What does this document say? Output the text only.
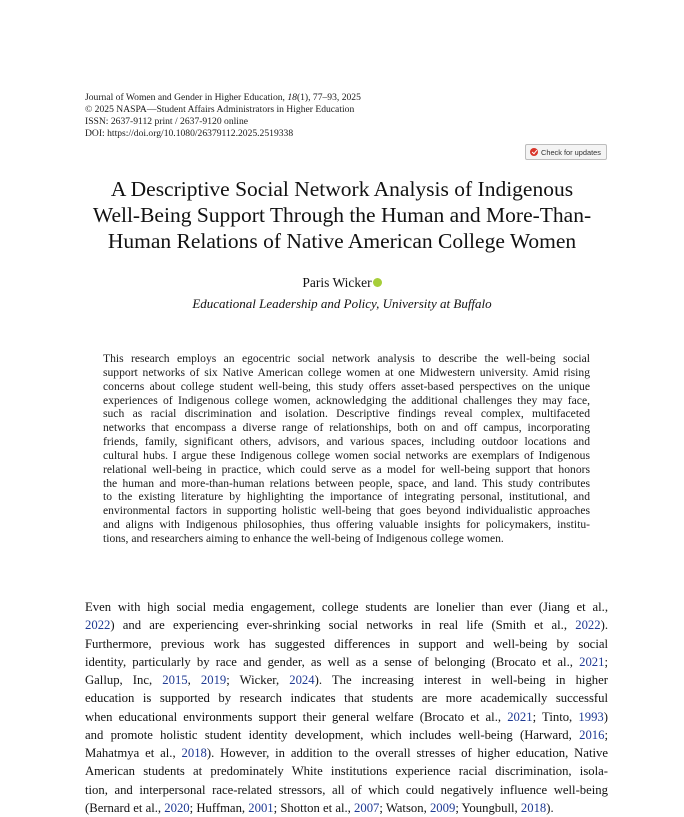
Journal of Women and Gender in Higher Education, 18(1), 77–93, 2025
© 2025 NASPA—Student Affairs Administrators in Higher Education
ISSN: 2637-9112 print / 2637-9120 online
DOI: https://doi.org/10.1080/26379112.2025.2519338
Check for updates
A Descriptive Social Network Analysis of Indigenous
Well-Being Support Through the Human and More-Than-
Human Relations of Native American College Women
Paris Wicker
Educational Leadership and Policy, University at Buffalo
This research employs an egocentric social network analysis to describe the well-being social
support networks of six Native American college women at one Midwestern university. Amid rising
concerns about college student well-being, this study offers asset-based perspectives on the unique
experiences of Indigenous college women, acknowledging the additional challenges they may face,
such as racial discrimination and isolation. Descriptive findings reveal complex, multifaceted
networks that encompass a diverse range of relationships, both on and off campus, incorporating
friends, family, significant others, advisors, and various spaces, including outdoor locations and
cultural hubs. I argue these Indigenous college women social networks are exemplars of Indigenous
relational well-being in practice, which could serve as a model for well-being support that honors
the human and more-than-human relations between people, space, and land. This study contributes
to the existing literature by highlighting the importance of integrating personal, institutional, and
environmental factors in supporting holistic well-being that goes beyond individualistic approaches
and aligns with Indigenous philosophies, thus offering valuable insights for policymakers, institu-
tions, and researchers aiming to enhance the well-being of Indigenous college women.
Even with high social media engagement, college students are lonelier than ever (Jiang et al.,
2022) and are experiencing ever-shrinking social networks in real life (Smith et al., 2022).
Furthermore, previous work has suggested differences in support and well-being by social
identity, particularly by race and gender, as well as a sense of belonging (Brocato et al., 2021;
Gallup, Inc, 2015, 2019; Wicker, 2024). The increasing interest in well-being in higher
education is supported by research indicates that students are more academically successful
when educational environments support their general welfare (Brocato et al., 2021; Tinto, 1993)
and promote holistic student identity development, which includes well-being (Harward, 2016;
Mahatmya et al., 2018). However, in addition to the overall stresses of higher education, Native
American students at predominately White institutions experience racial discrimination, isola-
tion, and interpersonal race-related stressors, all of which could negatively influence well-being
(Bernard et al., 2020; Huffman, 2001; Shotton et al., 2007; Watson, 2009; Youngbull, 2018).
